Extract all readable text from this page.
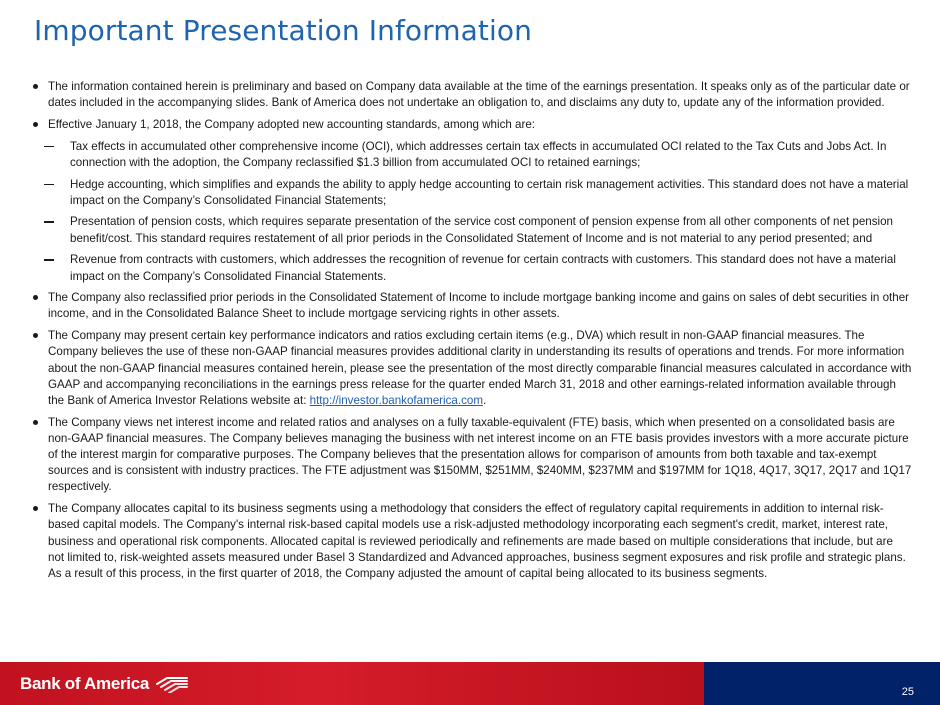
Important Presentation Information
The information contained herein is preliminary and based on Company data available at the time of the earnings presentation. It speaks only as of the particular date or dates included in the accompanying slides. Bank of America does not undertake an obligation to, and disclaims any duty to, update any of the information provided.
Effective January 1, 2018, the Company adopted new accounting standards, among which are:
Tax effects in accumulated other comprehensive income (OCI), which addresses certain tax effects in accumulated OCI related to the Tax Cuts and Jobs Act. In connection with the adoption, the Company reclassified $1.3 billion from accumulated OCI to retained earnings;
Hedge accounting, which simplifies and expands the ability to apply hedge accounting to certain risk management activities. This standard does not have a material impact on the Company’s Consolidated Financial Statements;
Presentation of pension costs, which requires separate presentation of the service cost component of pension expense from all other components of net pension benefit/cost. This standard requires restatement of all prior periods in the Consolidated Statement of Income and is not material to any period presented; and
Revenue from contracts with customers, which addresses the recognition of revenue for certain contracts with customers. This standard does not have a material impact on the Company’s Consolidated Financial Statements.
The Company also reclassified prior periods in the Consolidated Statement of Income to include mortgage banking income and gains on sales of debt securities in other income, and in the Consolidated Balance Sheet to include mortgage servicing rights in other assets.
The Company may present certain key performance indicators and ratios excluding certain items (e.g., DVA) which result in non-GAAP financial measures. The Company believes the use of these non-GAAP financial measures provides additional clarity in understanding its results of operations and trends. For more information about the non-GAAP financial measures contained herein, please see the presentation of the most directly comparable financial measures calculated in accordance with GAAP and accompanying reconciliations in the earnings press release for the quarter ended March 31, 2018 and other earnings-related information available through the Bank of America Investor Relations website at: http://investor.bankofamerica.com.
The Company views net interest income and related ratios and analyses on a fully taxable-equivalent (FTE) basis, which when presented on a consolidated basis are non-GAAP financial measures. The Company believes managing the business with net interest income on an FTE basis provides investors with a more accurate picture of the interest margin for comparative purposes. The Company believes that the presentation allows for comparison of amounts from both taxable and tax-exempt sources and is consistent with industry practices. The FTE adjustment was $150MM, $251MM, $240MM, $237MM and $197MM for 1Q18, 4Q17, 3Q17, 2Q17 and 1Q17 respectively.
The Company allocates capital to its business segments using a methodology that considers the effect of regulatory capital requirements in addition to internal risk-based capital models. The Company's internal risk-based capital models use a risk-adjusted methodology incorporating each segment's credit, market, interest rate, business and operational risk components. Allocated capital is reviewed periodically and refinements are made based on multiple considerations that include, but are not limited to, risk-weighted assets measured under Basel 3 Standardized and Advanced approaches, business segment exposures and risk profile and strategic plans. As a result of this process, in the first quarter of 2018, the Company adjusted the amount of capital being allocated to its business segments.
Bank of America	25
